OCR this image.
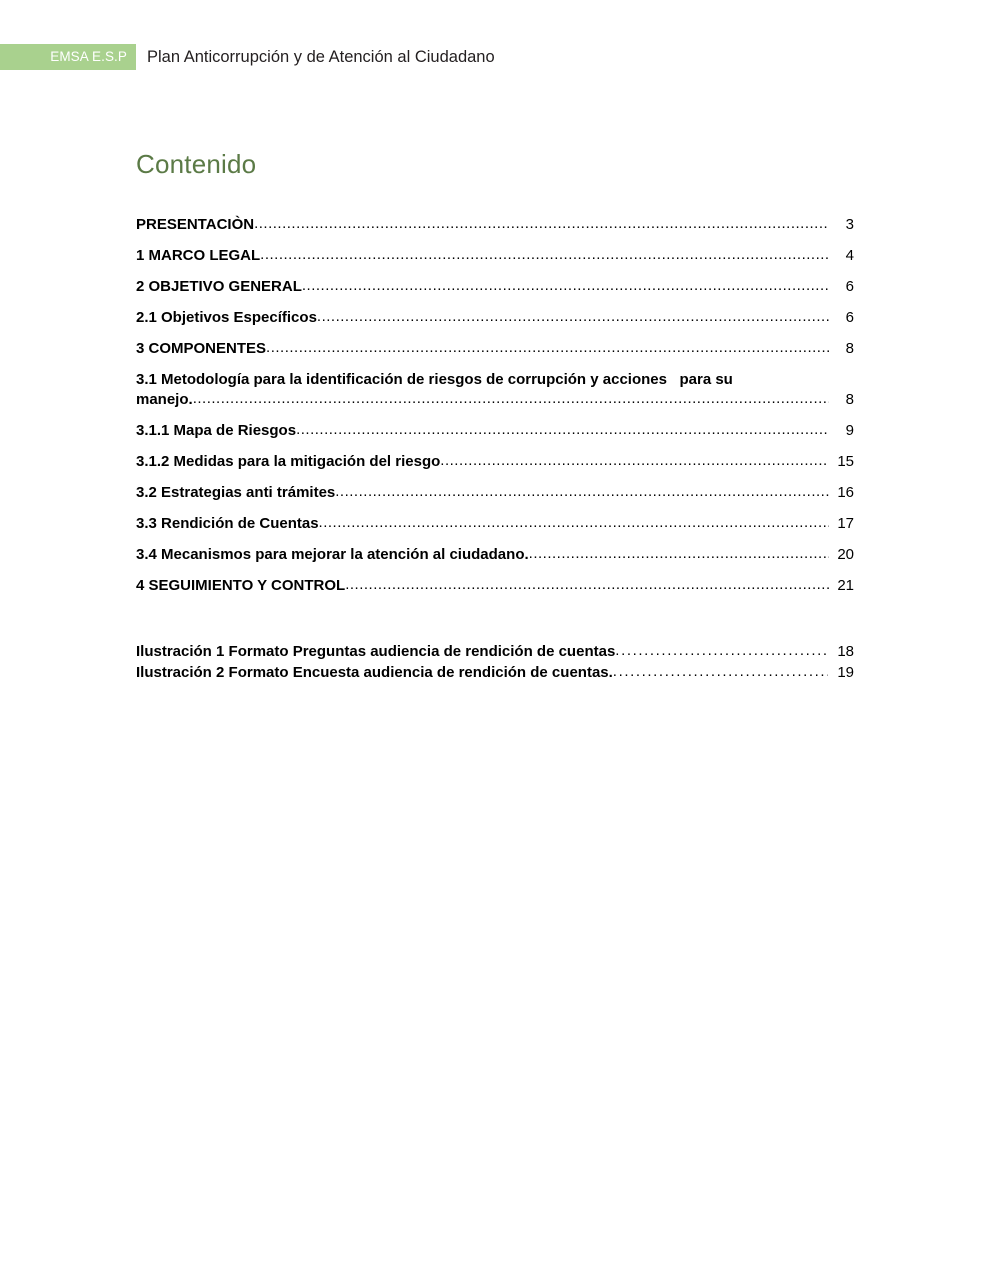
EMSA E.S.P Plan Anticorrupción y de Atención al Ciudadano
Contenido
PRESENTACIÒN .....	3
1 MARCO LEGAL .....	4
2 OBJETIVO GENERAL .....	6
2.1 Objetivos Específicos .....	6
3 COMPONENTES .....	8
3.1 Metodología para la identificación de riesgos de corrupción y acciones   para su
manejo. .....	8
3.1.1 Mapa de Riesgos .....	9
3.1.2 Medidas para la mitigación del riesgo .....	15
3.2 Estrategias anti trámites .....	16
3.3 Rendición de Cuentas .....	17
3.4 Mecanismos para mejorar la atención al ciudadano. .....	20
4 SEGUIMIENTO Y CONTROL .....	21
Ilustración 1 Formato Preguntas audiencia de rendición de cuentas .....	18
Ilustración 2 Formato Encuesta audiencia de rendición de cuentas. .....	19
